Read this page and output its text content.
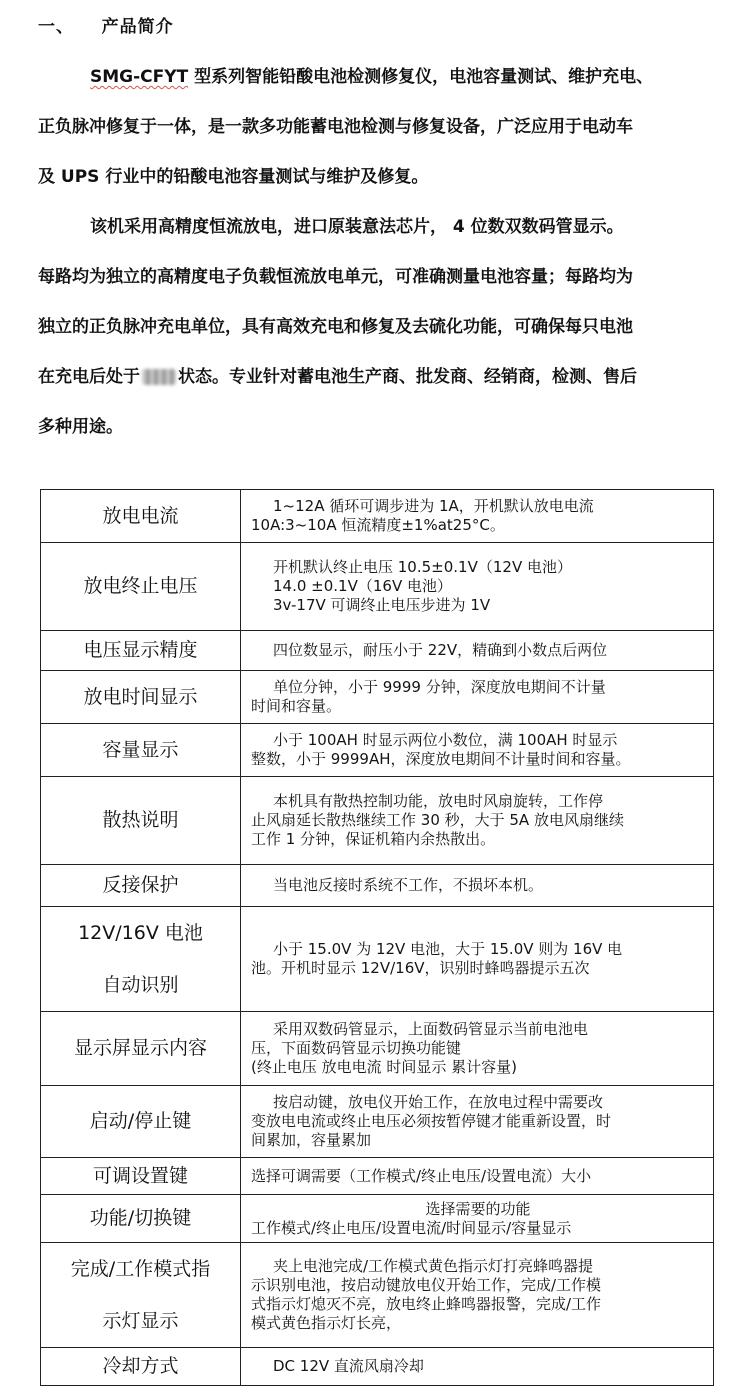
一、    产品简介
SMG-CFYT 型系列智能铅酸电池检测修复仪，电池容量测试、维护充电、
正负脉冲修复于一体，是一款多功能蓄电池检测与修复设备，广泛应用于电动车
及 UPS 行业中的铅酸电池容量测试与维护及修复。
该机采用高精度恒流放电，进口原装意法芯片， 4 位数双数码管显示。
每路均为独立的高精度电子负载恒流放电单元，可准确测量电池容量；每路均为
独立的正负脉冲充电单位，具有高效充电和修复及去硫化功能，可确保每只电池
在充电后处于 状态。专业针对蓄电池生产商、批发商、经销商，检测、售后
多种用途。
放电电流	1~12A 循环可调步进为 1A，开机默认放电电流
10A:3~10A 恒流精度±1%at25°C。

放电终止电压	开机默认终止电压 10.5±0.1V（12V 电池）
14.0 ±0.1V（16V 电池）
3v-17V 可调终止电压步进为 1V

电压显示精度	四位数显示，耐压小于 22V，精确到小数点后两位

放电时间显示	单位分钟，小于 9999 分钟，深度放电期间不计量
时间和容量。

容量显示	小于 100AH 时显示两位小数位，满 100AH 时显示
整数，小于 9999AH，深度放电期间不计量时间和容量。

散热说明	本机具有散热控制功能，放电时风扇旋转，工作停
止风扇延长散热继续工作 30 秒，大于 5A 放电风扇继续
工作 1 分钟，保证机箱内余热散出。

反接保护	当电池反接时系统不工作，不损坏本机。

12V/16V 电池
自动识别	小于 15.0V 为 12V 电池，大于 15.0V 则为 16V 电
池。开机时显示 12V/16V，识别时蜂鸣器提示五次

显示屏显示内容	采用双数码管显示，上面数码管显示当前电池电
压，下面数码管显示切换功能键
(终止电压 放电电流 时间显示 累计容量)

启动/停止键	按启动键，放电仪开始工作，在放电过程中需要改
变放电电流或终止电压必须按暂停键才能重新设置，时
间累加，容量累加

可调设置键	选择可调需要（工作模式/终止电压/设置电流）大小

功能/切换键	选择需要的功能
工作模式/终止电压/设置电流/时间显示/容量显示

完成/工作模式指
示灯显示	夹上电池完成/工作模式黄色指示灯打亮蜂鸣器提
示识别电池，按启动键放电仪开始工作，完成/工作模
式指示灯熄灭不亮，放电终止蜂鸣器报警，完成/工作
模式黄色指示灯长亮，

冷却方式	DC 12V 直流风扇冷却
